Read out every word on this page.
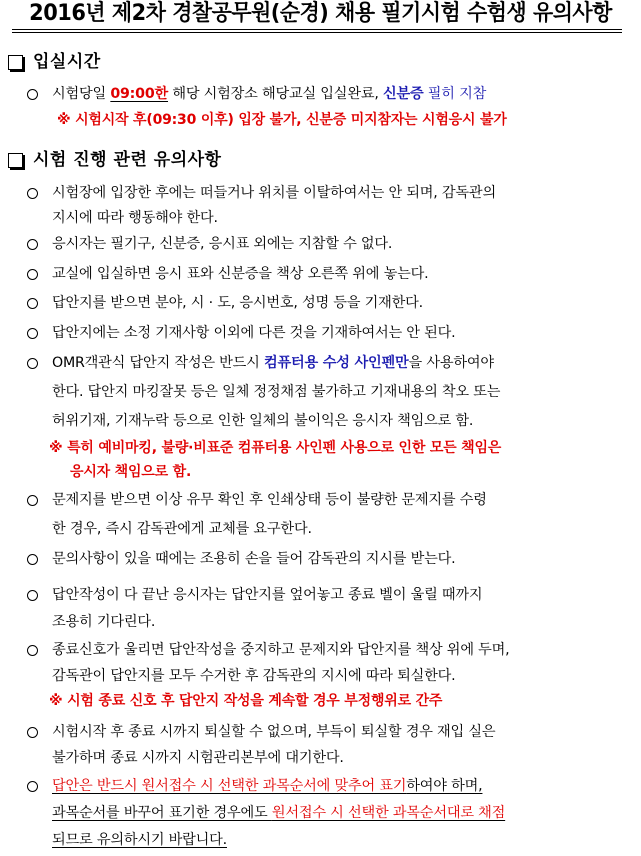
2016년 제2차 경찰공무원(순경) 채용 필기시험 수험생 유의사항
입실시간
시험당일 09:00한 해당 시험장소 해당교실 입실완료, 신분증 필히 지참
※ 시험시작 후(09:30 이후) 입장 불가, 신분증 미지참자는 시험응시 불가
시험 진행 관련 유의사항
시험장에 입장한 후에는 떠들거나 위치를 이탈하여서는 안 되며, 감독관의
지시에 따라 행동해야 한다.
응시자는 필기구, 신분증, 응시표 외에는 지참할 수 없다.
교실에 입실하면 응시 표와 신분증을 책상 오른쪽 위에 놓는다.
답안지를 받으면 분야, 시 · 도, 응시번호, 성명 등을 기재한다.
답안지에는 소정 기재사항 이외에 다른 것을 기재하여서는 안 된다.
OMR객관식 답안지 작성은 반드시 컴퓨터용 수성 사인펜만을 사용하여야
한다. 답안지 마킹잘못 등은 일체 정정채점 불가하고 기재내용의 착오 또는
허위기재, 기재누락 등으로 인한 일체의 불이익은 응시자 책임으로 함.
※ 특히 예비마킹, 불량·비표준 컴퓨터용 사인펜 사용으로 인한 모든 책임은
응시자 책임으로 함.
문제지를 받으면 이상 유무 확인 후 인쇄상태 등이 불량한 문제지를 수령
한 경우, 즉시 감독관에게 교체를 요구한다.
문의사항이 있을 때에는 조용히 손을 들어 감독관의 지시를 받는다.
답안작성이 다 끝난 응시자는 답안지를 엎어놓고 종료 벨이 울릴 때까지
조용히 기다린다.
종료신호가 울리면 답안작성을 중지하고 문제지와 답안지를 책상 위에 두며,
감독관이 답안지를 모두 수거한 후 감독관의 지시에 따라 퇴실한다.
※ 시험 종료 신호 후 답안지 작성을 계속할 경우 부정행위로 간주
시험시작 후 종료 시까지 퇴실할 수 없으며, 부득이 퇴실할 경우 재입 실은
불가하며 종료 시까지 시험관리본부에 대기한다.
답안은 반드시 원서접수 시 선택한 과목순서에 맞추어 표기하여야 하며,
과목순서를 바꾸어 표기한 경우에도 원서접수 시 선택한 과목순서대로 채점
되므로 유의하시기 바랍니다.
